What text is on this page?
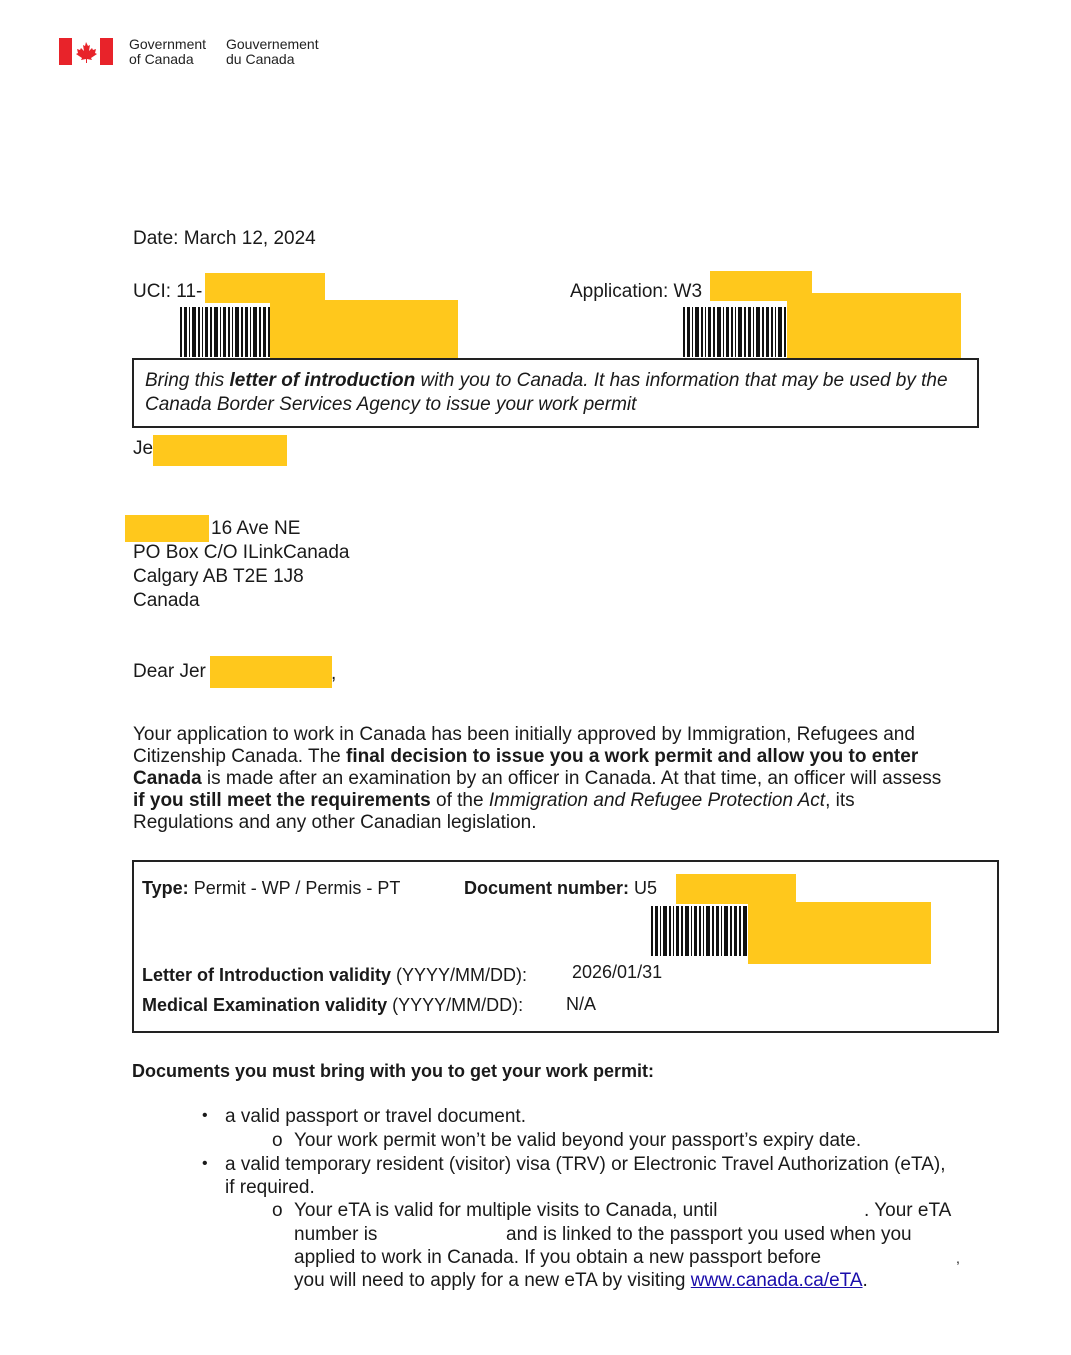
Government
of Canada
Gouvernement
du Canada
Date: March 12, 2024
UCI: 11-	Application: W3
Bring this letter of introduction with you to Canada. It has information that may be used by the
Canada Border Services Agency to issue your work permit
Je
16 Ave NE
PO Box C/O ILinkCanada
Calgary AB T2E 1J8
Canada
Dear Jer	,
Your application to work in Canada has been initially approved by Immigration, Refugees and
Citizenship Canada. The final decision to issue you a work permit and allow you to enter
Canada is made after an examination by an officer in Canada. At that time, an officer will assess
if you still meet the requirements of the Immigration and Refugee Protection Act, its
Regulations and any other Canadian legislation.
Type: Permit - WP / Permis - PT	Document number: U5
Letter of Introduction validity (YYYY/MM/DD): 2026/01/31
Medical Examination validity (YYYY/MM/DD): N/A
Documents you must bring with you to get your work permit:
• a valid passport or travel document.
o Your work permit won’t be valid beyond your passport’s expiry date.
• a valid temporary resident (visitor) visa (TRV) or Electronic Travel Authorization (eTA),
if required.
o Your eTA is valid for multiple visits to Canada, until	. Your eTA
number is	and is linked to the passport you used when you
applied to work in Canada. If you obtain a new passport before	,
you will need to apply for a new eTA by visiting www.canada.ca/eTA.
